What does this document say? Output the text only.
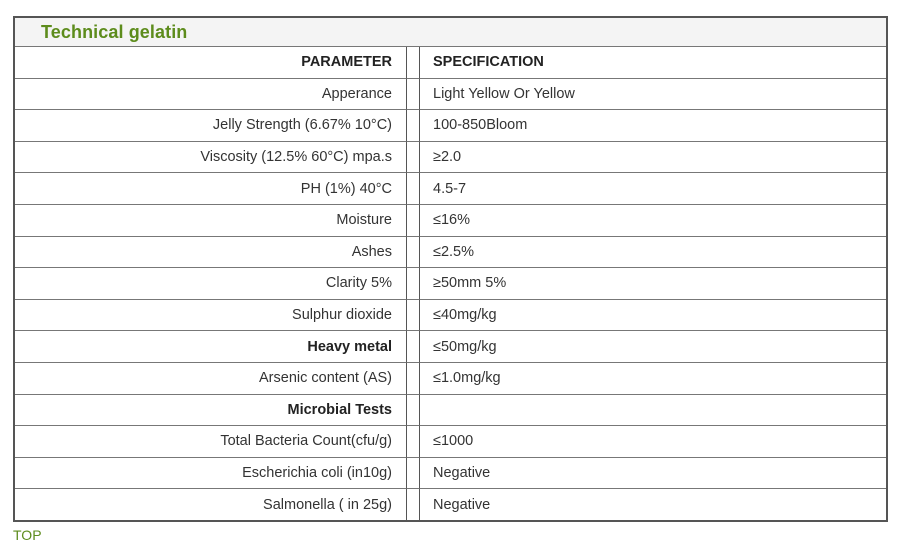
Technical gelatin
PARAMETER		SPECIFICATION
Apperance		Light Yellow Or Yellow
Jelly Strength (6.67% 10°C)		100-850Bloom
Viscosity (12.5% 60°C) mpa.s		≥2.0
PH (1%) 40°C		4.5-7
Moisture		≤16%
Ashes		≤2.5%
Clarity 5%		≥50mm 5%
Sulphur dioxide		≤40mg/kg
Heavy metal		≤50mg/kg
Arsenic content (AS)		≤1.0mg/kg
Microbial Tests		
Total Bacteria Count(cfu/g)		≤1000
Escherichia coli (in10g)		Negative
Salmonella ( in 25g)		Negative
TOP
